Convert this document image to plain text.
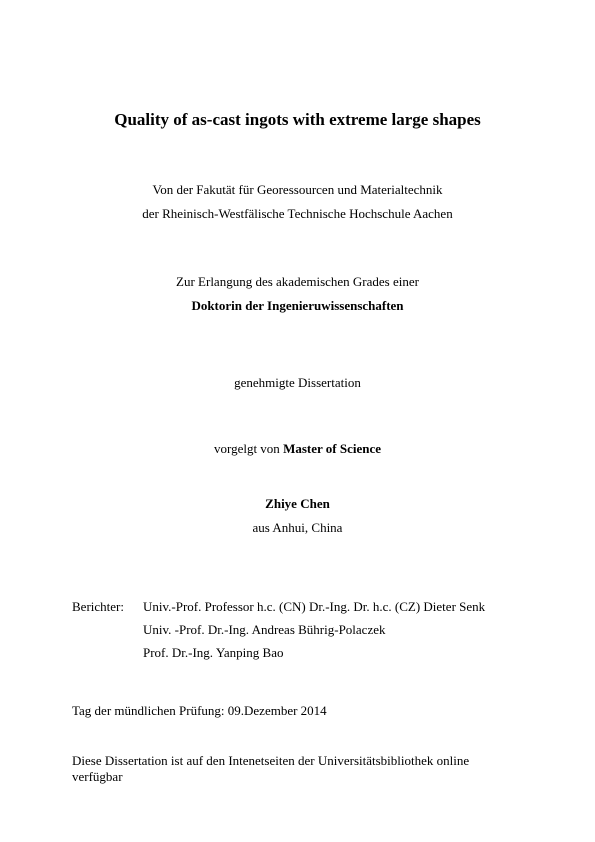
Quality of as-cast ingots with extreme large shapes
Von der Fakutät für Georessourcen und Materialtechnik
der Rheinisch-Westfälische Technische Hochschule Aachen
Zur Erlangung des akademischen Grades einer
Doktorin der Ingenieruwissenschaften
genehmigte Dissertation
vorgelgt von Master of Science
Zhiye Chen
aus Anhui, China
Berichter: Univ.-Prof. Professor h.c. (CN) Dr.-Ing. Dr. h.c. (CZ) Dieter Senk
Univ. -Prof. Dr.-Ing. Andreas Bührig-Polaczek
Prof. Dr.-Ing. Yanping Bao
Tag der mündlichen Prüfung: 09.Dezember 2014
Diese Dissertation ist auf den Intenetseiten der Universitätsbibliothek online
verfügbar
